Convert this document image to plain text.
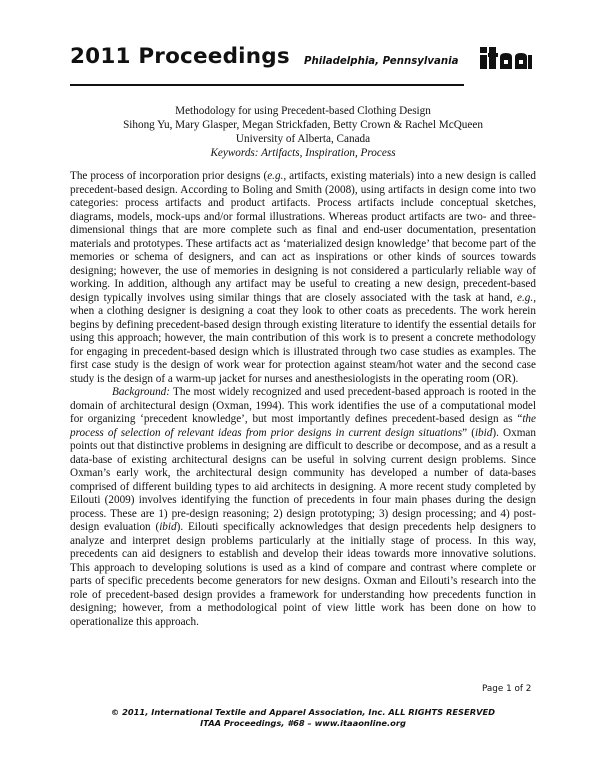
2011 Proceedings Philadelphia, Pennsylvania
Methodology for using Precedent-based Clothing Design
Sihong Yu, Mary Glasper, Megan Strickfaden, Betty Crown & Rachel McQueen
University of Alberta, Canada
Keywords: Artifacts, Inspiration, Process

The process of incorporation prior designs (e.g., artifacts, existing materials) into a new design is called precedent-based design. According to Boling and Smith (2008), using artifacts in design come into two categories: process artifacts and product artifacts. Process artifacts include conceptual sketches, diagrams, models, mock-ups and/or formal illustrations. Whereas product artifacts are two- and three-dimensional things that are more complete such as final and end-user documentation, presentation materials and prototypes. These artifacts act as ‘materialized design knowledge’ that become part of the memories or schema of designers, and can act as inspirations or other kinds of sources towards designing; however, the use of memories in designing is not considered a particularly reliable way of working. In addition, although any artifact may be useful to creating a new design, precedent-based design typically involves using similar things that are closely associated with the task at hand, e.g., when a clothing designer is designing a coat they look to other coats as precedents. The work herein begins by defining precedent-based design through existing literature to identify the essential details for using this approach; however, the main contribution of this work is to present a concrete methodology for engaging in precedent-based design which is illustrated through two case studies as examples. The first case study is the design of work wear for protection against steam/hot water and the second case study is the design of a warm-up jacket for nurses and anesthesiologists in the operating room (OR).

Background: The most widely recognized and used precedent-based approach is rooted in the domain of architectural design (Oxman, 1994). This work identifies the use of a computational model for organizing ‘precedent knowledge’, but most importantly defines precedent-based design as “the process of selection of relevant ideas from prior designs in current design situations” (ibid). Oxman points out that distinctive problems in designing are difficult to describe or decompose, and as a result a data-base of existing architectural designs can be useful in solving current design problems. Since Oxman’s early work, the architectural design community has developed a number of data-bases comprised of different building types to aid architects in designing. A more recent study completed by Eilouti (2009) involves identifying the function of precedents in four main phases during the design process. These are 1) pre-design reasoning; 2) design prototyping; 3) design processing; and 4) post-design evaluation (ibid). Eilouti specifically acknowledges that design precedents help designers to analyze and interpret design problems particularly at the initially stage of process. In this way, precedents can aid designers to establish and develop their ideas towards more innovative solutions. This approach to developing solutions is used as a kind of compare and contrast where complete or parts of specific precedents become generators for new designs. Oxman and Eilouti’s research into the role of precedent-based design provides a framework for understanding how precedents function in designing; however, from a methodological point of view little work has been done on how to operationalize this approach.

Page 1 of 2
© 2011, International Textile and Apparel Association, Inc. ALL RIGHTS RESERVED
ITAA Proceedings, #68 – www.itaaonline.org
